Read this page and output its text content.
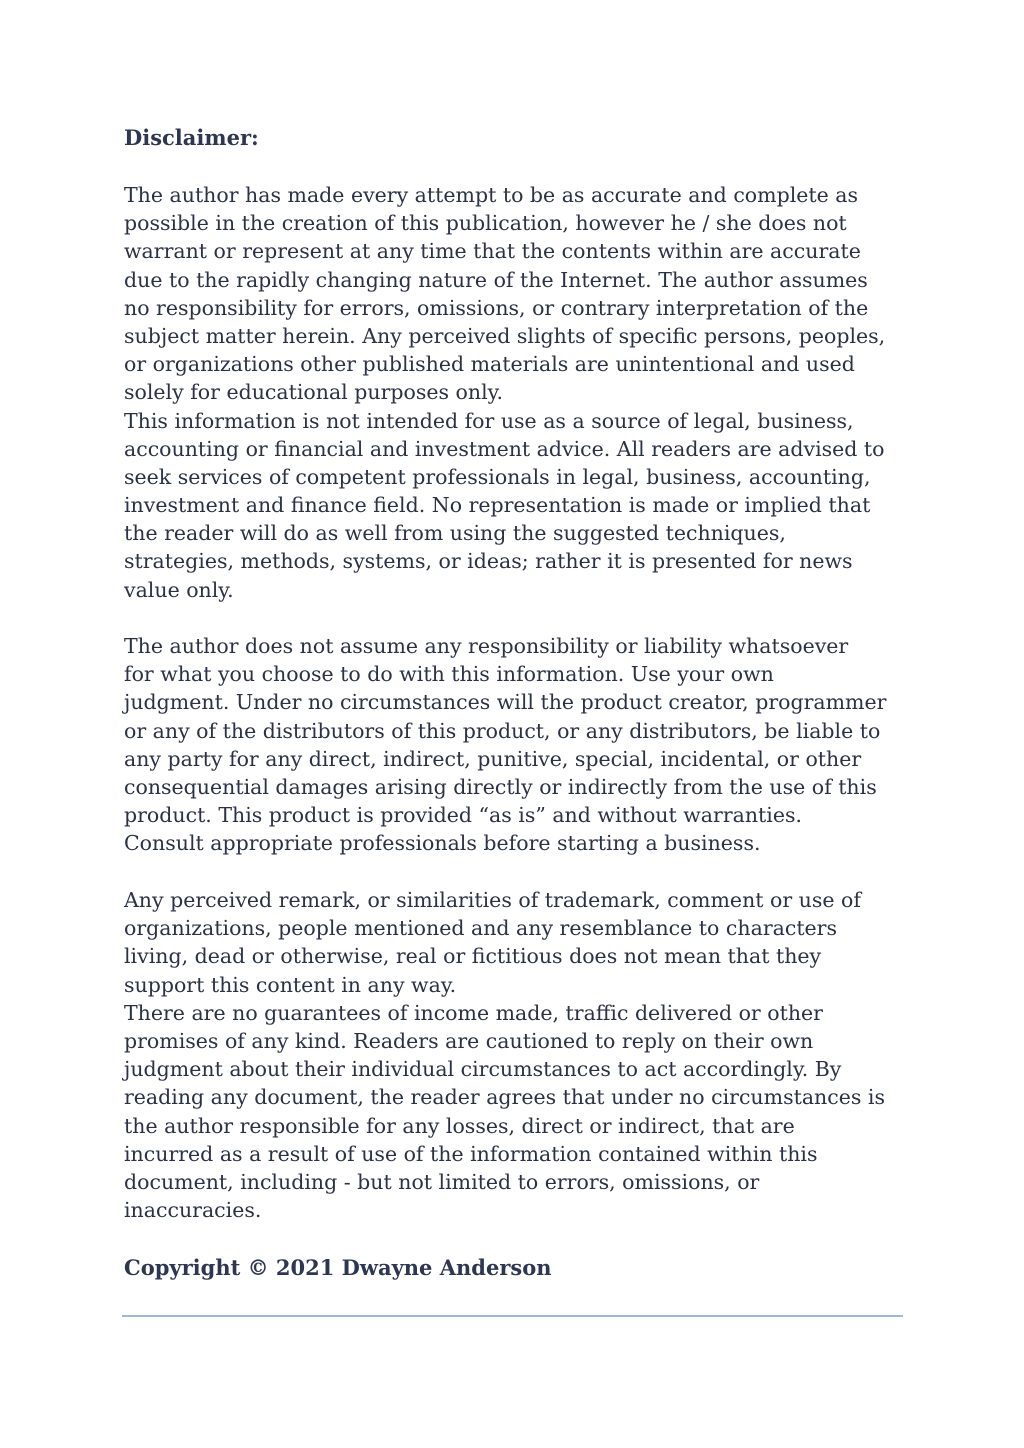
Disclaimer:
The author has made every attempt to be as accurate and complete as
possible in the creation of this publication, however he / she does not
warrant or represent at any time that the contents within are accurate
due to the rapidly changing nature of the Internet. The author assumes
no responsibility for errors, omissions, or contrary interpretation of the
subject matter herein. Any perceived slights of specific persons, peoples,
or organizations other published materials are unintentional and used
solely for educational purposes only.
This information is not intended for use as a source of legal, business,
accounting or financial and investment advice. All readers are advised to
seek services of competent professionals in legal, business, accounting,
investment and finance field. No representation is made or implied that
the reader will do as well from using the suggested techniques,
strategies, methods, systems, or ideas; rather it is presented for news
value only.
The author does not assume any responsibility or liability whatsoever
for what you choose to do with this information. Use your own
judgment. Under no circumstances will the product creator, programmer
or any of the distributors of this product, or any distributors, be liable to
any party for any direct, indirect, punitive, special, incidental, or other
consequential damages arising directly or indirectly from the use of this
product. This product is provided “as is” and without warranties.
Consult appropriate professionals before starting a business.
Any perceived remark, or similarities of trademark, comment or use of
organizations, people mentioned and any resemblance to characters
living, dead or otherwise, real or fictitious does not mean that they
support this content in any way.
There are no guarantees of income made, traffic delivered or other
promises of any kind. Readers are cautioned to reply on their own
judgment about their individual circumstances to act accordingly. By
reading any document, the reader agrees that under no circumstances is
the author responsible for any losses, direct or indirect, that are
incurred as a result of use of the information contained within this
document, including - but not limited to errors, omissions, or
inaccuracies.
Copyright © 2021 Dwayne Anderson
